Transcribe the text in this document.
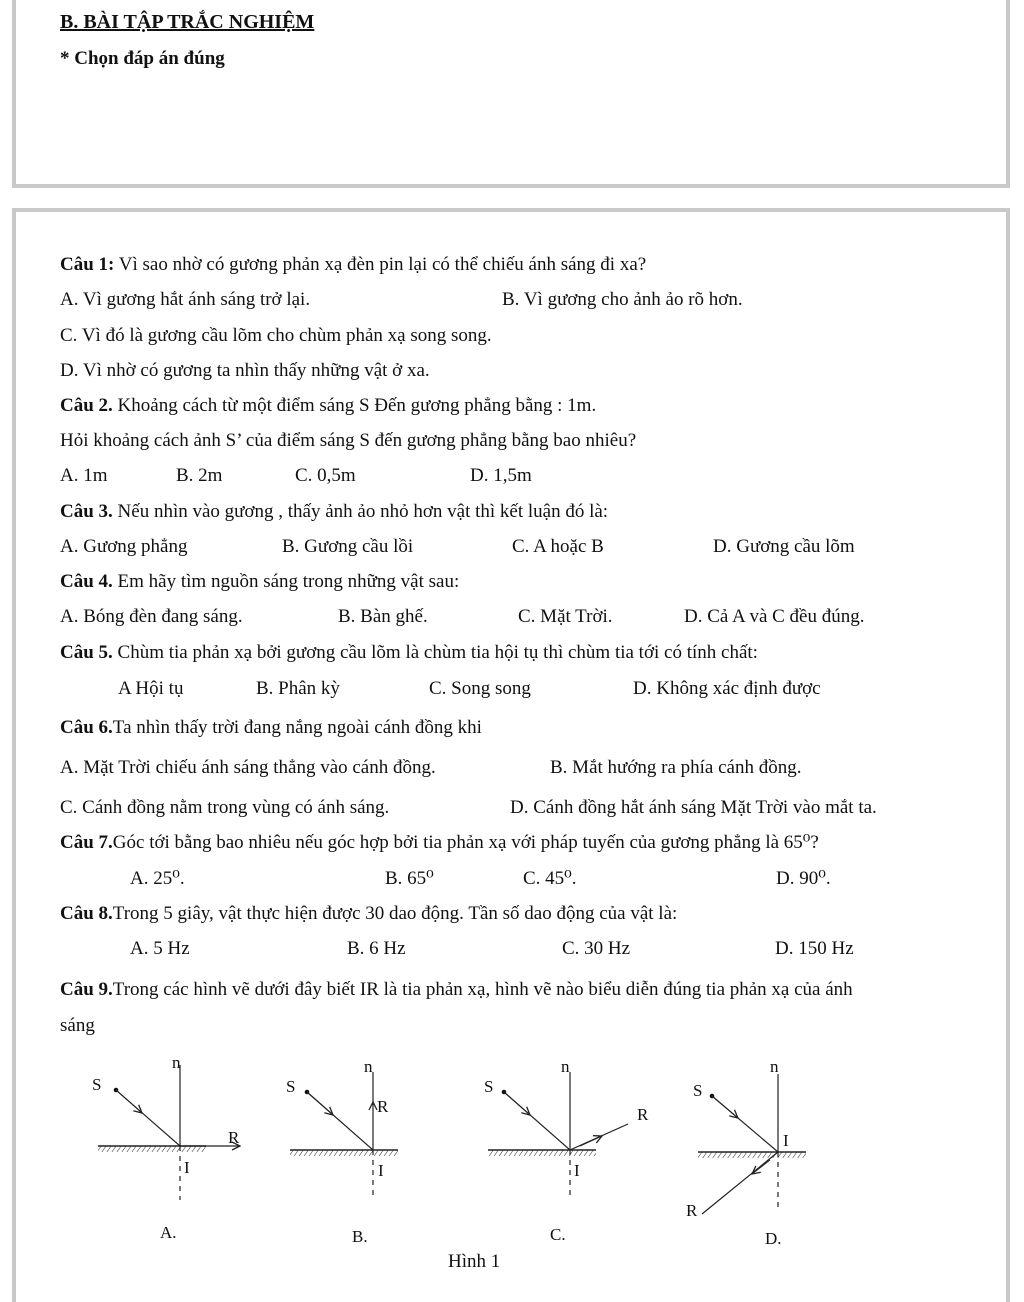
B. BÀI TẬP TRẮC NGHIỆM
* Chọn đáp án đúng
Câu 1: Vì sao nhờ có gương phản xạ đèn pin lại có thể chiếu ánh sáng đi xa?
A. Vì gương hắt ánh sáng trở lại.	B. Vì gương cho ảnh ảo rõ hơn.
C. Vì đó là gương cầu lõm cho chùm phản xạ song song.
D. Vì nhờ có gương ta nhìn thấy những vật ở xa.
Câu 2. Khoảng cách từ một điểm sáng S Đến gương phẳng bằng : 1m.
Hỏi khoảng cách ảnh S’ của điểm sáng S đến gương phẳng bằng bao nhiêu?
A. 1m	B. 2m	C. 0,5m	D. 1,5m
Câu 3. Nếu nhìn vào gương , thấy ảnh ảo nhỏ hơn vật thì kết luận đó là:
A. Gương phẳng	B. Gương cầu lồi	C. A hoặc B	D. Gương cầu lõm
Câu 4. Em hãy tìm nguồn sáng trong những vật sau:
A. Bóng đèn đang sáng.	B. Bàn ghế.	C. Mặt Trời.	D. Cả A và C đều đúng.
Câu 5. Chùm tia phản xạ bởi gương cầu lõm là chùm tia hội tụ thì chùm tia tới có tính chất:
A Hội tụ	B. Phân kỳ	C. Song song	D. Không xác định được
Câu 6.Ta nhìn thấy trời đang nắng ngoài cánh đồng khi
A. Mặt Trời chiếu ánh sáng thẳng vào cánh đồng.	B. Mắt hướng ra phía cánh đồng.
C. Cánh đồng nằm trong vùng có ánh sáng.	D. Cánh đồng hắt ánh sáng Mặt Trời vào mắt ta.
Câu 7.Góc tới bằng bao nhiêu nếu góc hợp bởi tia phản xạ với pháp tuyến của gương phẳng là 65⁰?
A. 25⁰.	B. 65⁰	C. 45⁰.	D. 90⁰.
Câu 8.Trong 5 giây, vật thực hiện được 30 dao động. Tần số dao động của vật là:
A. 5 Hz	B. 6 Hz	C. 30 Hz	D. 150 Hz
Câu 9.Trong các hình vẽ dưới đây biết IR là tia phản xạ, hình vẽ nào biểu diễn đúng tia phản xạ của ánh
sáng
n
S
R
I
A.
n
S
R
I
B.
n
S
R
I
C.
n
S
I
R
D.
Hình 1
